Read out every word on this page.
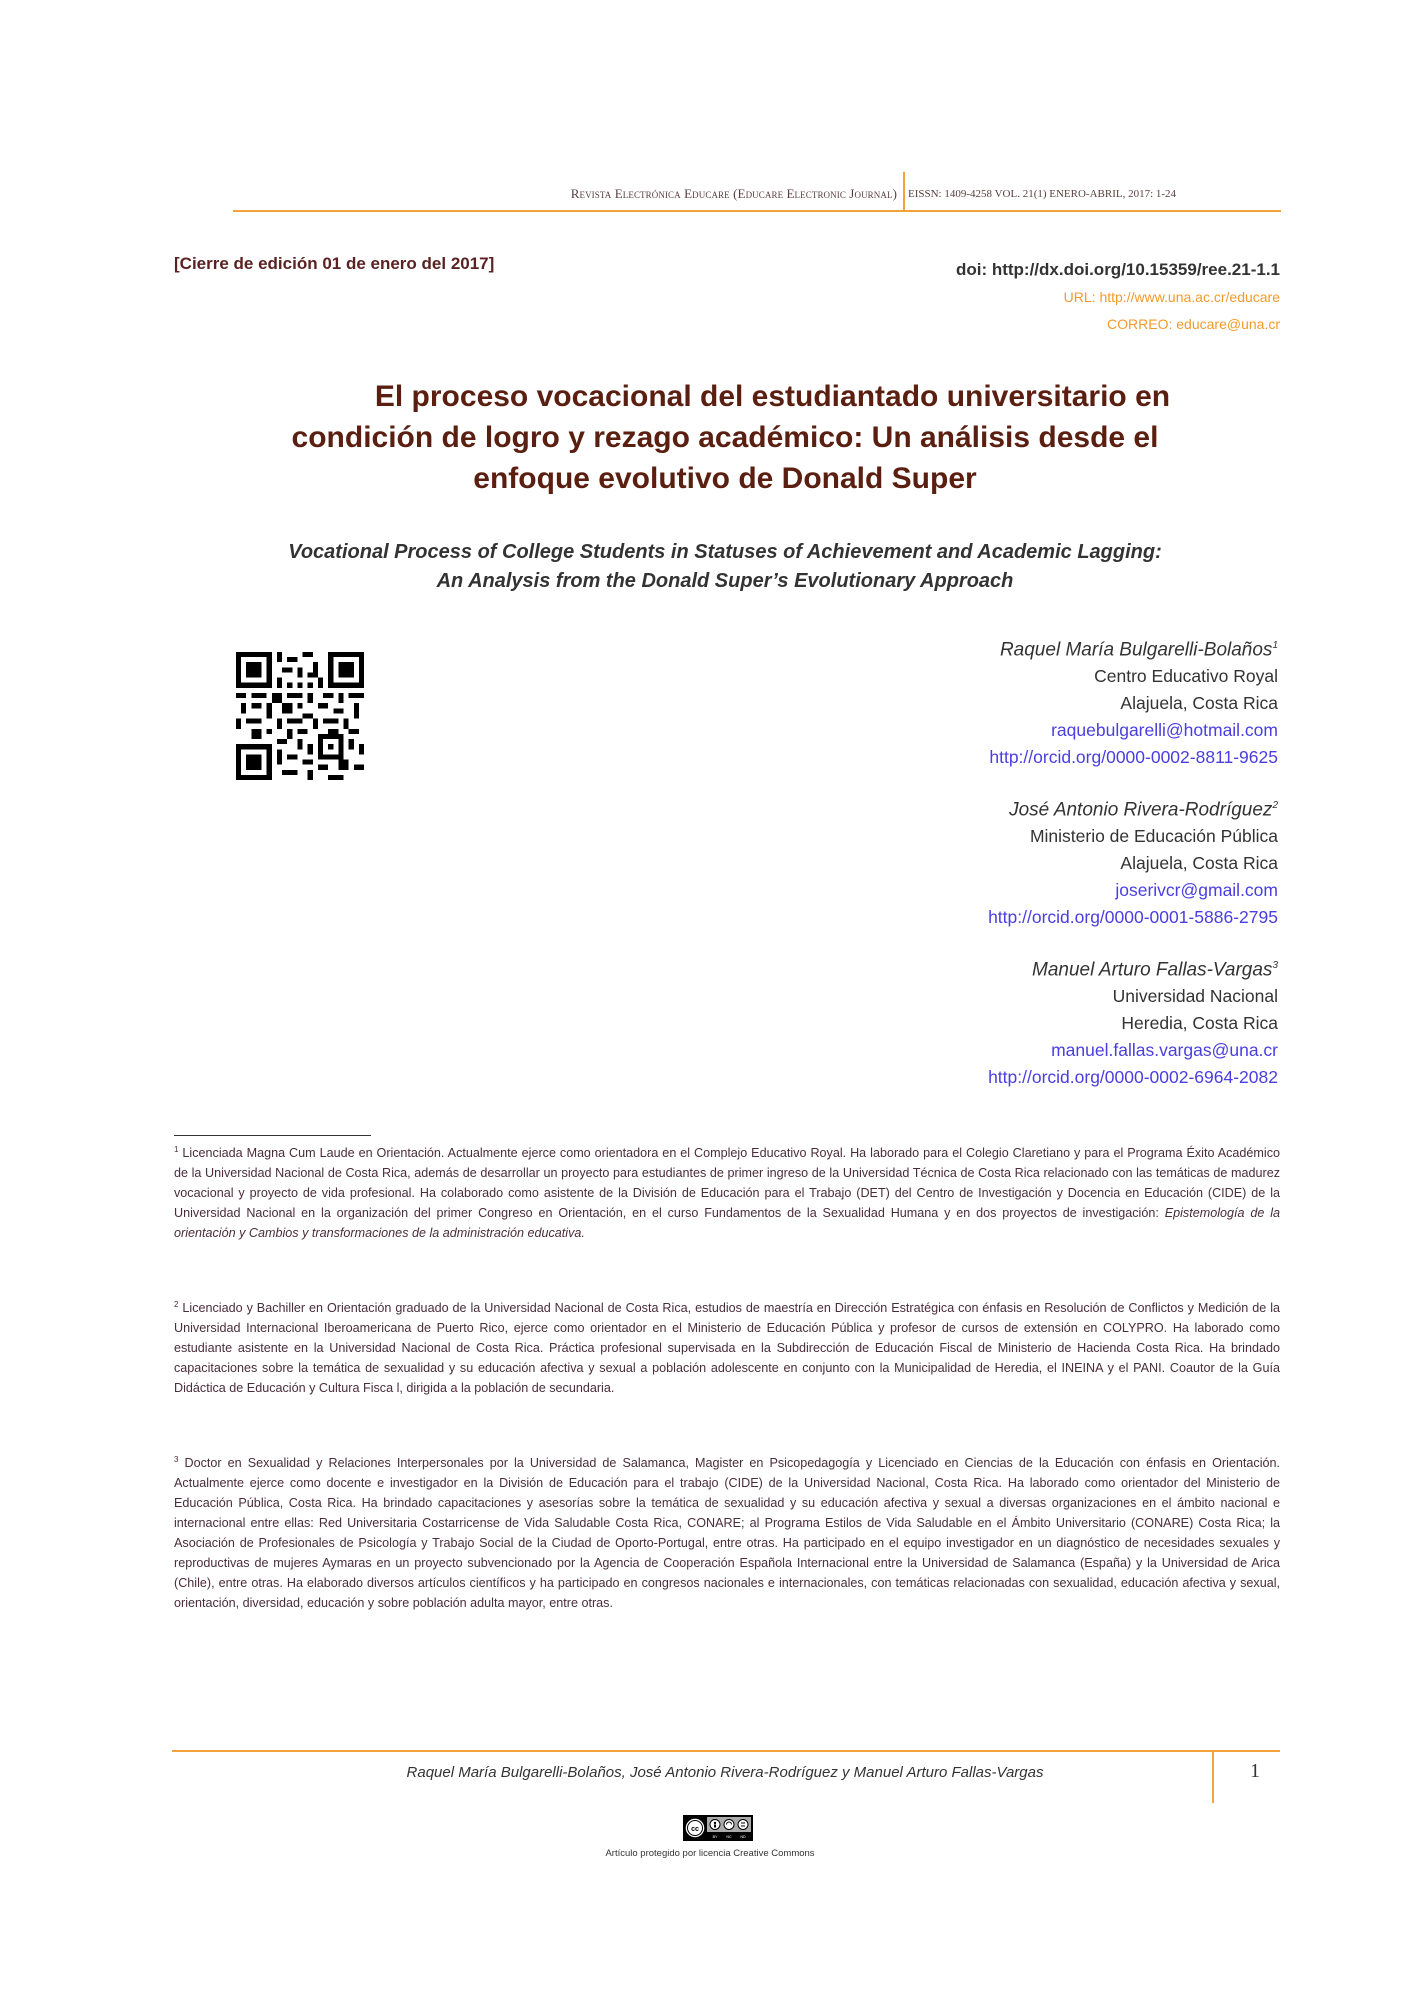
Revista Electrónica Educare (Educare Electronic Journal) EISSN: 1409-4258 VOL. 21(1) ENERO-ABRIL, 2017: 1-24
[Cierre de edición 01 de enero del 2017]	doi: http://dx.doi.org/10.15359/ree.21-1.1
URL: http://www.una.ac.cr/educare
CORREO: educare@una.cr
El proceso vocacional del estudiantado universitario en
condición de logro y rezago académico: Un análisis desde el
enfoque evolutivo de Donald Super
Vocational Process of College Students in Statuses of Achievement and Academic Lagging:
An Analysis from the Donald Super’s Evolutionary Approach
Raquel María Bulgarelli-Bolaños$^1$
Centro Educativo Royal
Alajuela, Costa Rica
raquebulgarelli@hotmail.com
http://orcid.org/0000-0002-8811-9625
José Antonio Rivera-Rodríguez$^2$
Ministerio de Educación Pública
Alajuela, Costa Rica
joserivcr@gmail.com
http://orcid.org/0000-0001-5886-2795
Manuel Arturo Fallas-Vargas$^3$
Universidad Nacional
Heredia, Costa Rica
manuel.fallas.vargas@una.cr
http://orcid.org/0000-0002-6964-2082
$^1$ Licenciada Magna Cum Laude en Orientación. Actualmente ejerce como orientadora en el Complejo Educativo Royal. Ha laborado para el Colegio Claretiano y para el Programa Éxito Académico de la Universidad Nacional de Costa Rica, además de desarrollar un proyecto para estudiantes de primer ingreso de la Universidad Técnica de Costa Rica relacionado con las temáticas de madurez vocacional y proyecto de vida profesional. Ha colaborado como asistente de la División de Educación para el Trabajo (DET) del Centro de Investigación y Docencia en Educación (CIDE) de la Universidad Nacional en la organización del primer Congreso en Orientación, en el curso Fundamentos de la Sexualidad Humana y en dos proyectos de investigación: Epistemología de la orientación y Cambios y transformaciones de la administración educativa.
$^2$ Licenciado y Bachiller en Orientación graduado de la Universidad Nacional de Costa Rica, estudios de maestría en Dirección Estratégica con énfasis en Resolución de Conflictos y Medición de la Universidad Internacional Iberoamericana de Puerto Rico, ejerce como orientador en el Ministerio de Educación Pública y profesor de cursos de extensión en COLYPRO. Ha laborado como estudiante asistente en la Universidad Nacional de Costa Rica. Práctica profesional supervisada en la Subdirección de Educación Fiscal de Ministerio de Hacienda Costa Rica. Ha brindado capacitaciones sobre la temática de sexualidad y su educación afectiva y sexual a población adolescente en conjunto con la Municipalidad de Heredia, el INEINA y el PANI. Coautor de la Guía Didáctica de Educación y Cultura Fisca l, dirigida a la población de secundaria.
$^3$ Doctor en Sexualidad y Relaciones Interpersonales por la Universidad de Salamanca, Magister en Psicopedagogía y Licenciado en Ciencias de la Educación con énfasis en Orientación. Actualmente ejerce como docente e investigador en la División de Educación para el trabajo (CIDE) de la Universidad Nacional, Costa Rica. Ha laborado como orientador del Ministerio de Educación Pública, Costa Rica. Ha brindado capacitaciones y asesorías sobre la temática de sexualidad y su educación afectiva y sexual a diversas organizaciones en el ámbito nacional e internacional entre ellas: Red Universitaria Costarricense de Vida Saludable Costa Rica, CONARE; al Programa Estilos de Vida Saludable en el Ámbito Universitario (CONARE) Costa Rica; la Asociación de Profesionales de Psicología y Trabajo Social de la Ciudad de Oporto-Portugal, entre otras. Ha participado en el equipo investigador en un diagnóstico de necesidades sexuales y reproductivas de mujeres Aymaras en un proyecto subvencionado por la Agencia de Cooperación Española Internacional entre la Universidad de Salamanca (España) y la Universidad de Arica (Chile), entre otras. Ha elaborado diversos artículos científicos y ha participado en congresos nacionales e internacionales, con temáticas relacionadas con sexualidad, educación afectiva y sexual, orientación, diversidad, educación y sobre población adulta mayor, entre otras.
Raquel María Bulgarelli-Bolaños, José Antonio Rivera-Rodríguez y Manuel Arturo Fallas-Vargas	1
cc
BY	NC ND
Artículo protegido por licencia Creative Commons
